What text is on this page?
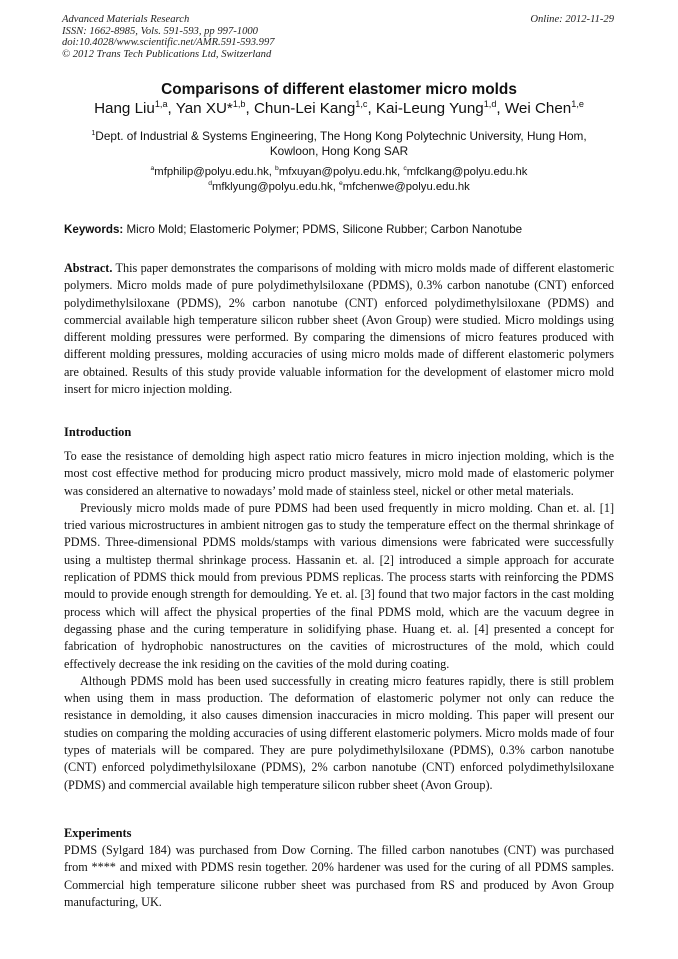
Advanced Materials Research
ISSN: 1662-8985, Vols. 591-593, pp 997-1000
doi:10.4028/www.scientific.net/AMR.591-593.997
© 2012 Trans Tech Publications Ltd, Switzerland
Online: 2012-11-29
Comparisons of different elastomer micro molds
Hang Liu$^{1,a}$, Yan XU*$^{1,b}$, Chun-Lei Kang$^{1,c}$, Kai-Leung Yung$^{1,d}$, Wei Chen$^{1,e}$
$^1$Dept. of Industrial & Systems Engineering, The Hong Kong Polytechnic University, Hung Hom,
Kowloon, Hong Kong SAR
$^a$mfphilip@polyu.edu.hk, $^b$mfxuyan@polyu.edu.hk, $^c$mfclkang@polyu.edu.hk
$^d$mfklyung@polyu.edu.hk, $^e$mfchenwe@polyu.edu.hk
Keywords: Micro Mold; Elastomeric Polymer; PDMS, Silicone Rubber; Carbon Nanotube

Abstract. This paper demonstrates the comparisons of molding with micro molds made of different elastomeric polymers. Micro molds made of pure polydimethylsiloxane (PDMS), 0.3% carbon nanotube (CNT) enforced polydimethylsiloxane (PDMS), 2% carbon nanotube (CNT) enforced polydimethylsiloxane (PDMS) and commercial available high temperature silicon rubber sheet (Avon Group) were studied. Micro moldings using different molding pressures were performed. By comparing the dimensions of micro features produced with different molding pressures, molding accuracies of using micro molds made of different elastomeric polymers are obtained. Results of this study provide valuable information for the development of elastomer micro mold insert for micro injection molding.

Introduction

To ease the resistance of demolding high aspect ratio micro features in micro injection molding, which is the most cost effective method for producing micro product massively, micro mold made of elastomeric polymer was considered an alternative to nowadays’ mold made of stainless steel, nickel or other metal materials.

Previously micro molds made of pure PDMS had been used frequently in micro molding. Chan et. al. [1] tried various microstructures in ambient nitrogen gas to study the temperature effect on the thermal shrinkage of PDMS. Three-dimensional PDMS molds/stamps with various dimensions were fabricated were successfully using a multistep thermal shrinkage process. Hassanin et. al. [2] introduced a simple approach for accurate replication of PDMS thick mould from previous PDMS replicas. The process starts with reinforcing the PDMS mould to provide enough strength for demoulding. Ye et. al. [3] found that two major factors in the cast molding process which will affect the physical properties of the final PDMS mold, which are the vacuum degree in degassing phase and the curing temperature in solidifying phase. Huang et. al. [4] presented a concept for fabrication of hydrophobic nanostructures on the cavities of microstructures of the mold, which could effectively decrease the ink residing on the cavities of the mold during coating.

Although PDMS mold has been used successfully in creating micro features rapidly, there is still problem when using them in mass production. The deformation of elastomeric polymer not only can reduce the resistance in demolding, it also causes dimension inaccuracies in micro molding. This paper will present our studies on comparing the molding accuracies of using different elastomeric polymers. Micro molds made of four types of materials will be compared. They are pure polydimethylsiloxane (PDMS), 0.3% carbon nanotube (CNT) enforced polydimethylsiloxane (PDMS), 2% carbon nanotube (CNT) enforced polydimethylsiloxane (PDMS) and commercial available high temperature silicon rubber sheet (Avon Group).

Experiments

PDMS (Sylgard 184) was purchased from Dow Corning. The filled carbon nanotubes (CNT) was purchased from **** and mixed with PDMS resin together. 20% hardener was used for the curing of all PDMS samples. Commercial high temperature silicone rubber sheet was purchased from RS and produced by Avon Group manufacturing, UK.
